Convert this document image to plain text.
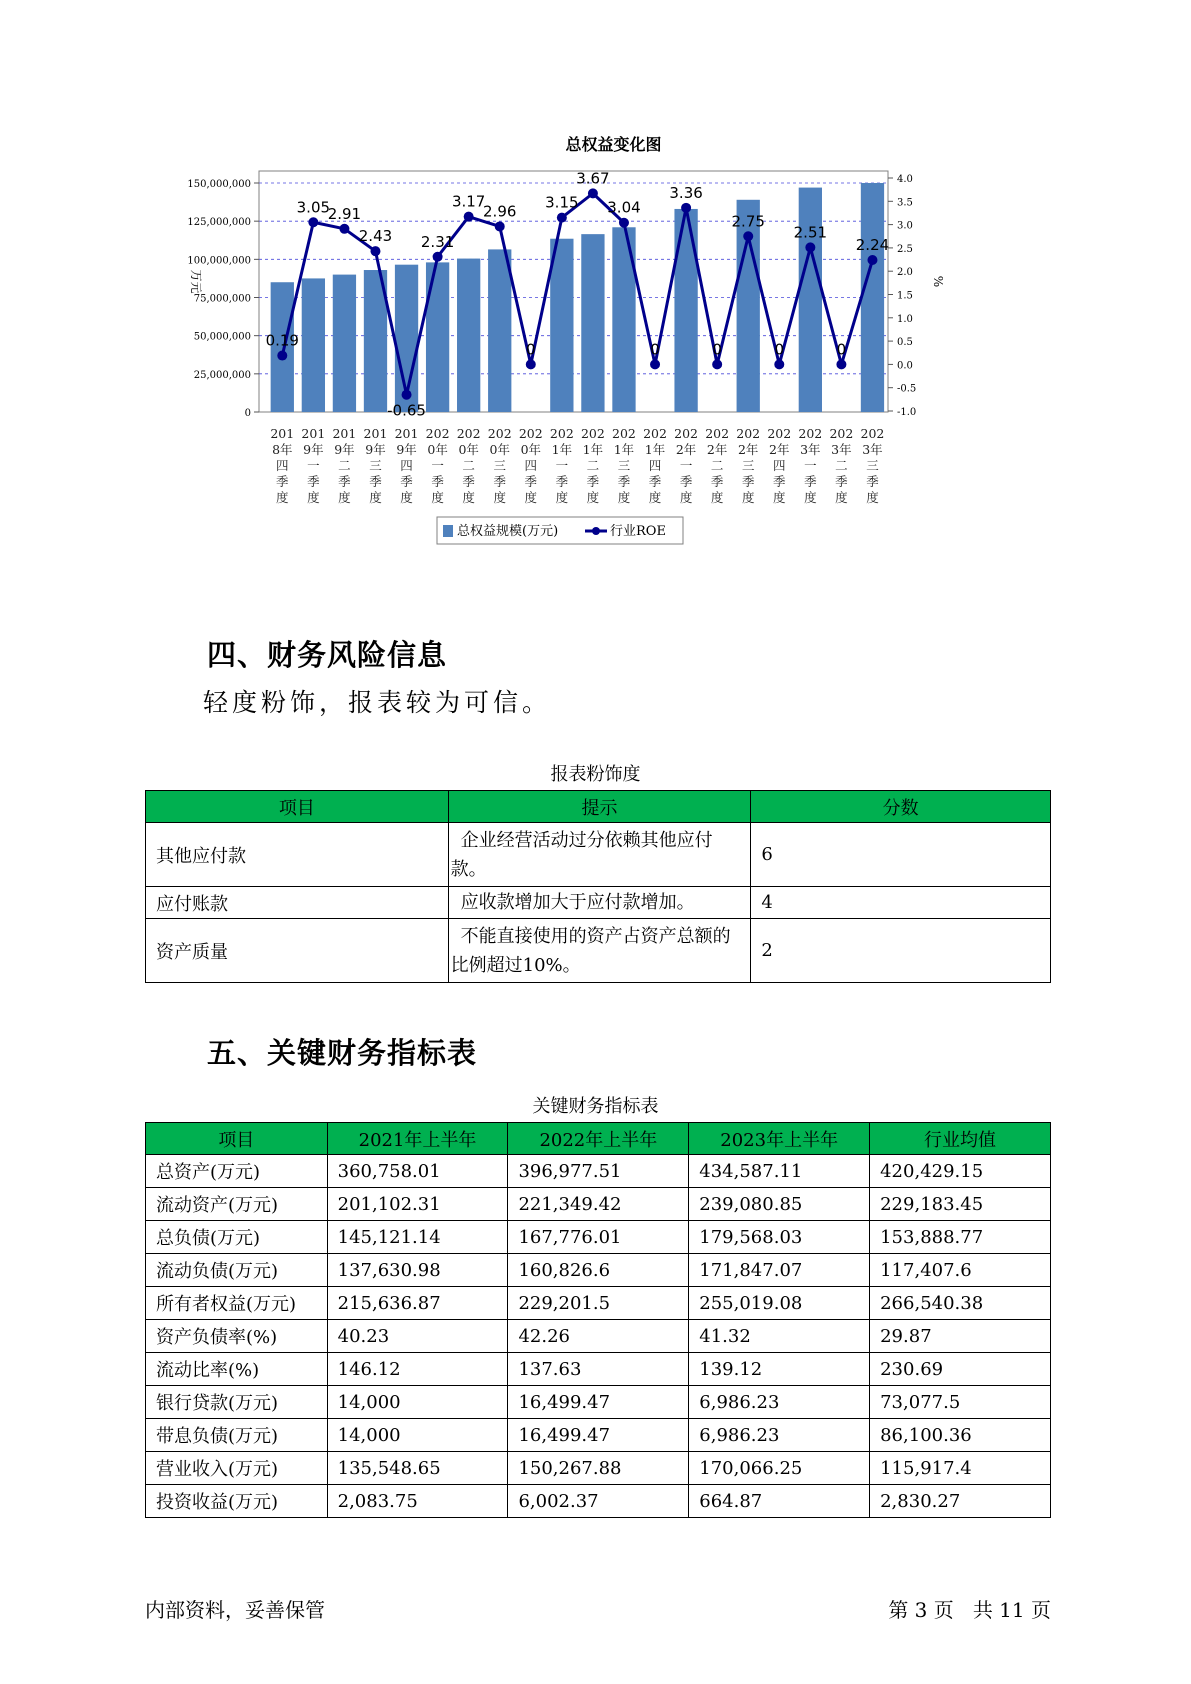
总权益变化图
0
25,000,000
50,000,000
75,000,000
100,000,000
125,000,000
150,000,000
-1.0
-0.5
0.0
0.5
1.0
1.5
2.0
2.5
3.0
3.5
4.0
万元	%
0.19
3.05
2.91
2.43
-0.65
2.31
3.17
2.96
0
3.15
3.67
3.04
0
3.36
0
2.75
0
2.51
0
2.24
201
8年
四
季
度
201
9年
一
季
度
201
9年
二
季
度
201
9年
三
季
度
201
9年
四
季
度
202
0年
一
季
度
202
0年
二
季
度
202
0年
三
季
度
202
0年
四
季
度
202
1年
一
季
度
202
1年
二
季
度
202
1年
三
季
度
202
1年
四
季
度
202
2年
一
季
度
202
2年
二
季
度
202
2年
三
季
度
202
2年
四
季
度
202
3年
一
季
度
202
3年
二
季
度
202
3年
三
季
度
总权益规模(万元)	行业ROE
四、财务风险信息
轻度粉饰，报表较为可信。
报表粉饰度
项目	提示	分数
其他应付款	企业经营活动过分依赖其他应付款。	6
应付账款	应收款增加大于应付款增加。	4
资产质量	不能直接使用的资产占资产总额的比例超过10%。	2
五、关键财务指标表
关键财务指标表
项目	2021年上半年	2022年上半年	2023年上半年	行业均值
总资产(万元)	360,758.01	396,977.51	434,587.11	420,429.15
流动资产(万元)	201,102.31	221,349.42	239,080.85	229,183.45
总负债(万元)	145,121.14	167,776.01	179,568.03	153,888.77
流动负债(万元)	137,630.98	160,826.6	171,847.07	117,407.6
所有者权益(万元)	215,636.87	229,201.5	255,019.08	266,540.38
资产负债率(%)	40.23	42.26	41.32	29.87
流动比率(%)	146.12	137.63	139.12	230.69
银行贷款(万元)	14,000	16,499.47	6,986.23	73,077.5
带息负债(万元)	14,000	16,499.47	6,986.23	86,100.36
营业收入(万元)	135,548.65	150,267.88	170,066.25	115,917.4
投资收益(万元)	2,083.75	6,002.37	664.87	2,830.27
内部资料，妥善保管	第 3 页   共 11 页
